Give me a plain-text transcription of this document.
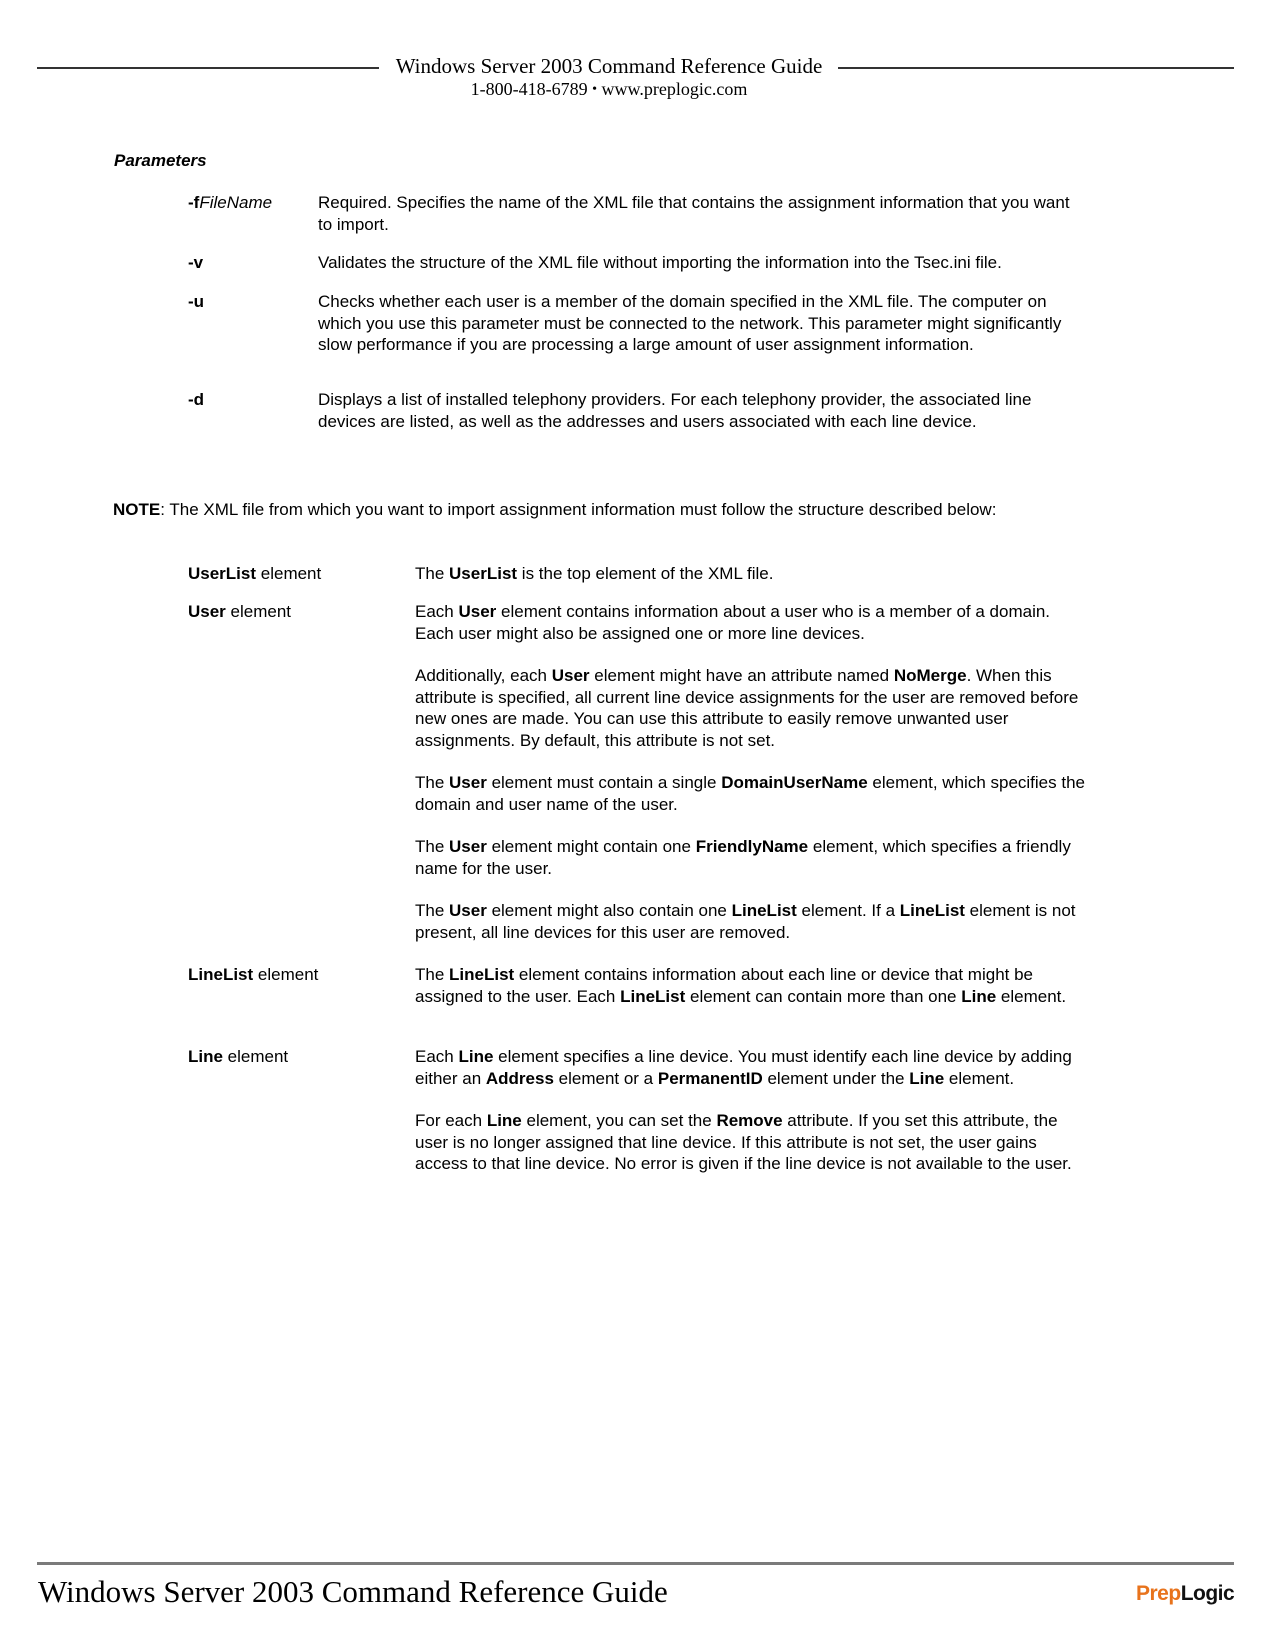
Windows Server 2003 Command Reference Guide
1-800-418-6789 • www.preplogic.com
Parameters
-fFileName	Required. Specifies the name of the XML file that contains the assignment information that you want to import.
-v	Validates the structure of the XML file without importing the information into the Tsec.ini file.
-u	Checks whether each user is a member of the domain specified in the XML file. The computer on which you use this parameter must be connected to the network. This parameter might significantly slow performance if you are processing a large amount of user assignment information.
-d	Displays a list of installed telephony providers. For each telephony provider, the associated line devices are listed, as well as the addresses and users associated with each line device.
NOTE: The XML file from which you want to import assignment information must follow the structure described below:
UserList element	The UserList is the top element of the XML file.

User element	Each User element contains information about a user who is a member of a domain. Each user might also be assigned one or more line devices.

Additionally, each User element might have an attribute named NoMerge. When this attribute is specified, all current line device assignments for the user are removed before new ones are made. You can use this attribute to easily remove unwanted user assignments. By default, this attribute is not set.

The User element must contain a single DomainUserName element, which specifies the domain and user name of the user.

The User element might contain one FriendlyName element, which specifies a friendly name for the user.

The User element might also contain one LineList element. If a LineList element is not present, all line devices for this user are removed.

LineList element	The LineList element contains information about each line or device that might be assigned to the user. Each LineList element can contain more than one Line element.

Line element	Each Line element specifies a line device. You must identify each line device by adding either an Address element or a PermanentID element under the Line element.

For each Line element, you can set the Remove attribute. If you set this attribute, the user is no longer assigned that line device. If this attribute is not set, the user gains access to that line device. No error is given if the line device is not available to the user.

Windows Server 2003 Command Reference Guide	PrepLogic
